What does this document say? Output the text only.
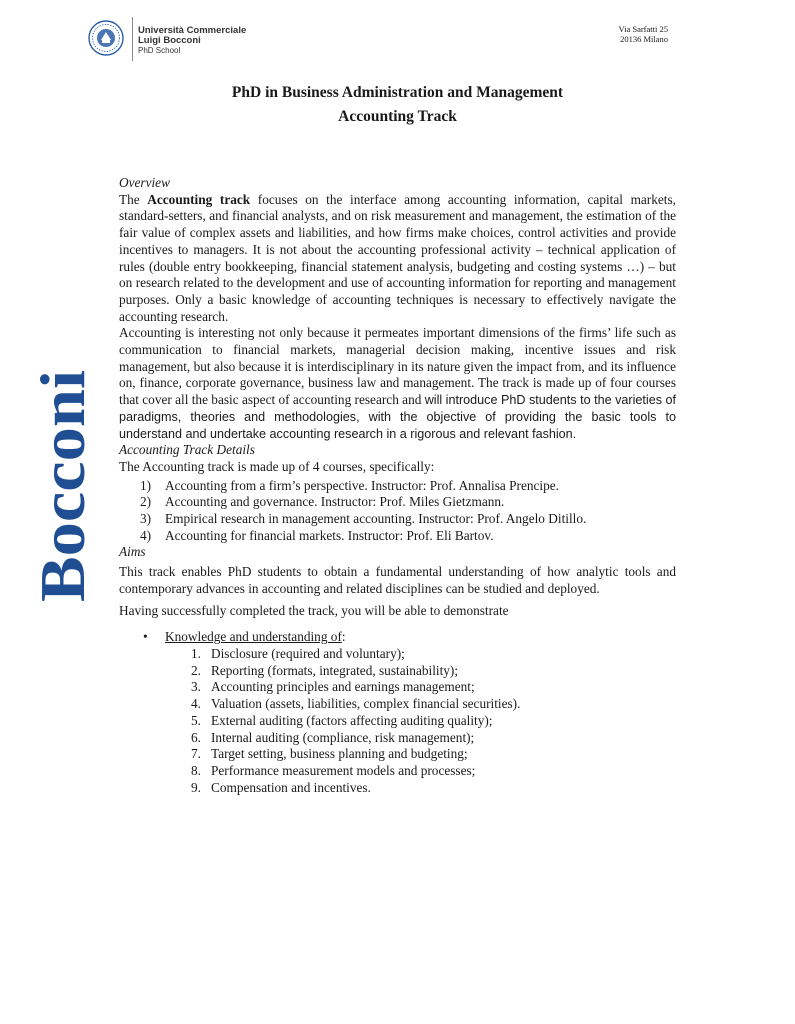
Università Commerciale
Luigi Bocconi
PhD School
Via Sarfatti 25
20136 Milano
Bocconi
PhD in Business Administration and Management
Accounting Track

Overview

The Accounting track focuses on the interface among accounting information, capital markets, standard-setters, and financial analysts, and on risk measurement and management, the estimation of the fair value of complex assets and liabilities, and how firms make choices, control activities and provide incentives to managers. It is not about the accounting professional activity – technical application of rules (double entry bookkeeping, financial statement analysis, budgeting and costing systems …) – but on research related to the development and use of accounting information for reporting and management purposes. Only a basic knowledge of accounting techniques is necessary to effectively navigate the accounting research.

Accounting is interesting not only because it permeates important dimensions of the firms’ life such as communication to financial markets, managerial decision making, incentive issues and risk management, but also because it is interdisciplinary in its nature given the impact from, and its influence on, finance, corporate governance, business law and management. The track is made up of four courses that cover all the basic aspect of accounting research and will introduce PhD students to the varieties of paradigms, theories and methodologies, with the objective of providing the basic tools to understand and undertake accounting research in a rigorous and relevant fashion.

Accounting Track Details

The Accounting track is made up of 4 courses, specifically:

1)	Accounting from a firm’s perspective. Instructor: Prof. Annalisa Prencipe.
2)	Accounting and governance. Instructor: Prof. Miles Gietzmann.
3)	Empirical research in management accounting. Instructor: Prof. Angelo Ditillo.
4)	Accounting for financial markets. Instructor: Prof. Eli Bartov.

Aims

This track enables PhD students to obtain a fundamental understanding of how analytic tools and contemporary advances in accounting and related disciplines can be studied and deployed.

Having successfully completed the track, you will be able to demonstrate

•	Knowledge and understanding of:
1. Disclosure (required and voluntary);
2. Reporting (formats, integrated, sustainability);
3. Accounting principles and earnings management;
4. Valuation (assets, liabilities, complex financial securities).
5. External auditing (factors affecting auditing quality);
6. Internal auditing (compliance, risk management);
7. Target setting, business planning and budgeting;
8. Performance measurement models and processes;
9. Compensation and incentives.
